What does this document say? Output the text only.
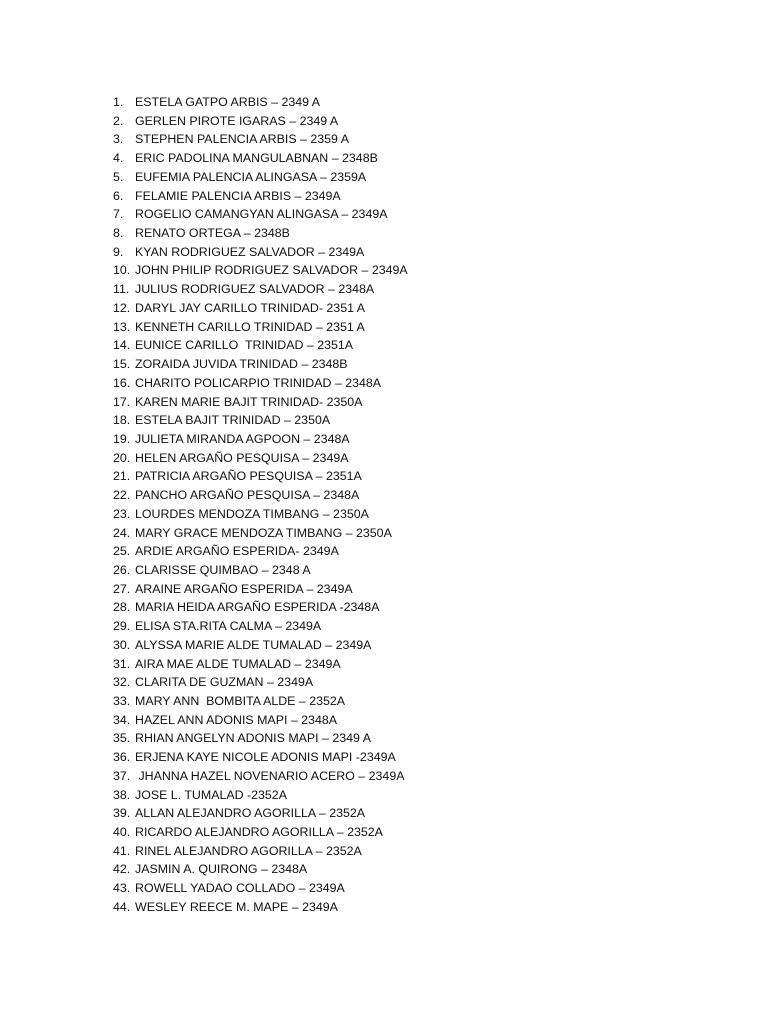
1. ESTELA GATPO ARBIS – 2349 A
2. GERLEN PIROTE IGARAS – 2349 A
3. STEPHEN PALENCIA ARBIS – 2359 A
4. ERIC PADOLINA MANGULABNAN – 2348B
5. EUFEMIA PALENCIA ALINGASA – 2359A
6. FELAMIE PALENCIA ARBIS – 2349A
7. ROGELIO CAMANGYAN ALINGASA – 2349A
8. RENATO ORTEGA – 2348B
9. KYAN RODRIGUEZ SALVADOR – 2349A
10. JOHN PHILIP RODRIGUEZ SALVADOR – 2349A
11. JULIUS RODRIGUEZ SALVADOR – 2348A
12. DARYL JAY CARILLO TRINIDAD- 2351 A
13. KENNETH CARILLO TRINIDAD – 2351 A
14. EUNICE CARILLO  TRINIDAD – 2351A
15. ZORAIDA JUVIDA TRINIDAD – 2348B
16. CHARITO POLICARPIO TRINIDAD – 2348A
17. KAREN MARIE BAJIT TRINIDAD- 2350A
18. ESTELA BAJIT TRINIDAD – 2350A
19. JULIETA MIRANDA AGPOON – 2348A
20. HELEN ARGAÑO PESQUISA – 2349A
21. PATRICIA ARGAÑO PESQUISA – 2351A
22. PANCHO ARGAÑO PESQUISA – 2348A
23. LOURDES MENDOZA TIMBANG – 2350A
24. MARY GRACE MENDOZA TIMBANG – 2350A
25. ARDIE ARGAÑO ESPERIDA- 2349A
26. CLARISSE QUIMBAO – 2348 A
27. ARAINE ARGAÑO ESPERIDA – 2349A
28. MARIA HEIDA ARGAÑO ESPERIDA -2348A
29. ELISA STA.RITA CALMA – 2349A
30. ALYSSA MARIE ALDE TUMALAD – 2349A
31. AIRA MAE ALDE TUMALAD – 2349A
32. CLARITA DE GUZMAN – 2349A
33. MARY ANN  BOMBITA ALDE – 2352A
34. HAZEL ANN ADONIS MAPI – 2348A
35. RHIAN ANGELYN ADONIS MAPI – 2349 A
36. ERJENA KAYE NICOLE ADONIS MAPI -2349A
37. JHANNA HAZEL NOVENARIO ACERO – 2349A
38. JOSE L. TUMALAD -2352A
39. ALLAN ALEJANDRO AGORILLA – 2352A
40. RICARDO ALEJANDRO AGORILLA – 2352A
41. RINEL ALEJANDRO AGORILLA – 2352A
42. JASMIN A. QUIRONG – 2348A
43. ROWELL YADAO COLLADO – 2349A
44. WESLEY REECE M. MAPE – 2349A
